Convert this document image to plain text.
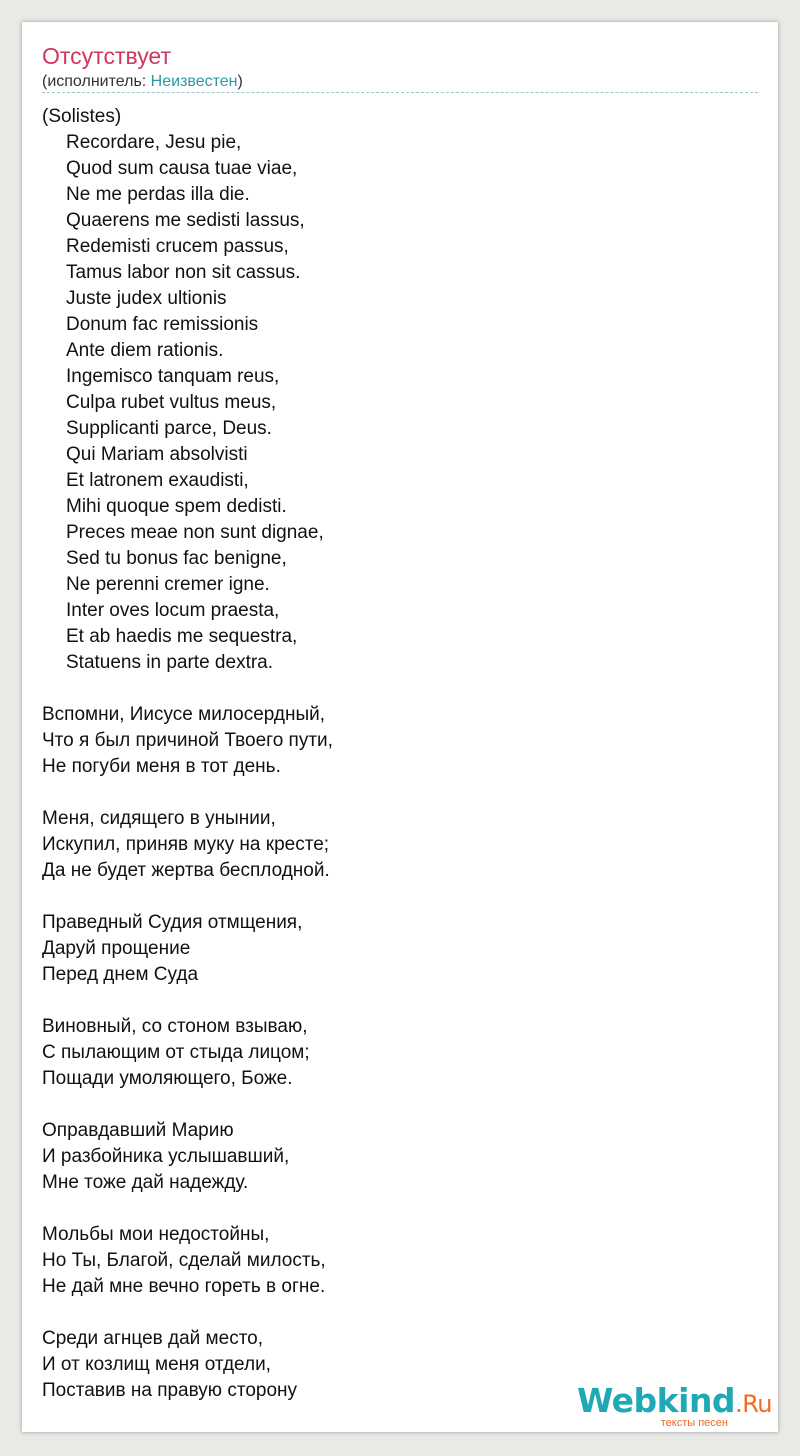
Отсутствует
(исполнитель: Неизвестен)
(Solistes)
Recordare, Jesu pie,
Quod sum causa tuae viae,
Ne me perdas illa die.
Quaerens me sedisti lassus,
Redemisti crucem passus,
Tamus labor non sit cassus.
Juste judex ultionis
Donum fac remissionis
Ante diem rationis.
Ingemisco tanquam reus,
Culpa rubet vultus meus,
Supplicanti parce, Deus.
Qui Mariam absolvisti
Et latronem exaudisti,
Mihi quoque spem dedisti.
Preces meae non sunt dignae,
Sed tu bonus fac benigne,
Ne perenni cremer igne.
Inter oves locum praesta,
Et ab haedis me sequestra,
Statuens in parte dextra.
Вспомни, Иисусе милосердный,
Что я был причиной Твоего пути,
Не погуби меня в тот день.
Меня, сидящего в унынии,
Искупил, приняв муку на кресте;
Да не будет жертва бесплодной.
Праведный Судия отмщения,
Даруй прощение
Перед днем Суда
Виновный, со стоном взываю,
С пылающим от стыда лицом;
Пощади умоляющего, Боже.
Оправдавший Марию
И разбойника услышавший,
Мне тоже дай надежду.
Мольбы мои недостойны,
Но Ты, Благой, сделай милость,
Не дай мне вечно гореть в огне.
Среди агнцев дай место,
И от козлищ меня отдели,
Поставив на правую сторону	Webkind.Ru
тексты песен
